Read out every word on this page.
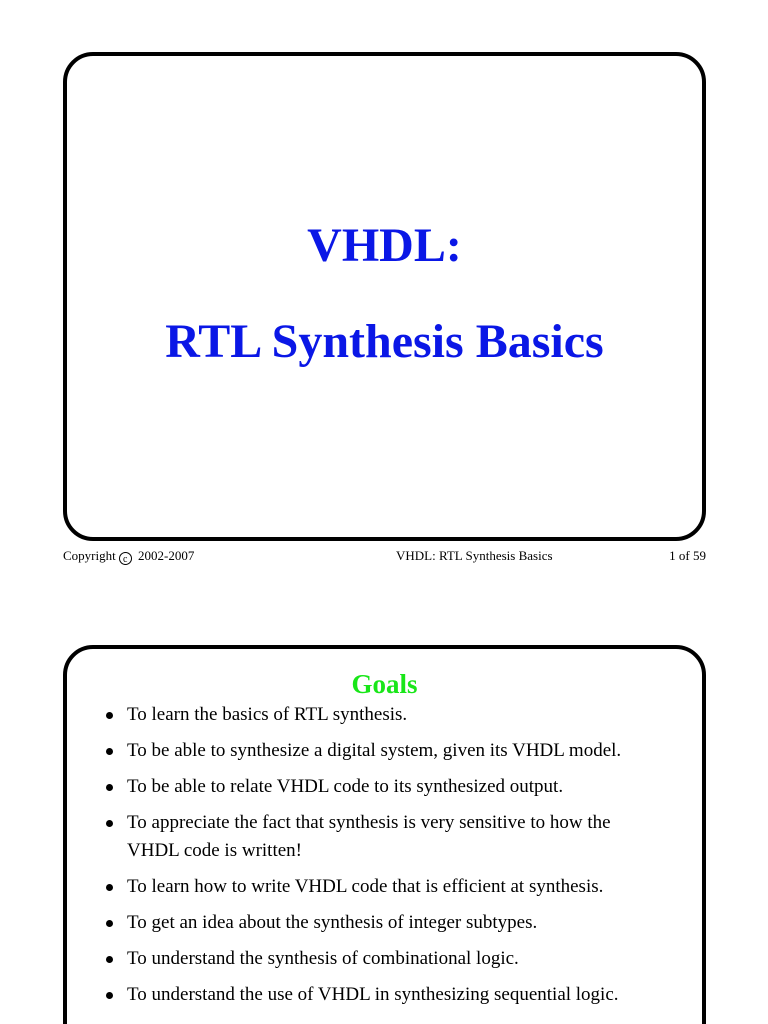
VHDL:
RTL Synthesis Basics
Copyright c 2002-2007	VHDL: RTL Synthesis Basics	1 of 59
Goals
To learn the basics of RTL synthesis.
To be able to synthesize a digital system, given its VHDL model.
To be able to relate VHDL code to its synthesized output.
To appreciate the fact that synthesis is very sensitive to how the VHDL code is written!
To learn how to write VHDL code that is efficient at synthesis.
To get an idea about the synthesis of integer subtypes.
To understand the synthesis of combinational logic.
To understand the use of VHDL in synthesizing sequential logic.
